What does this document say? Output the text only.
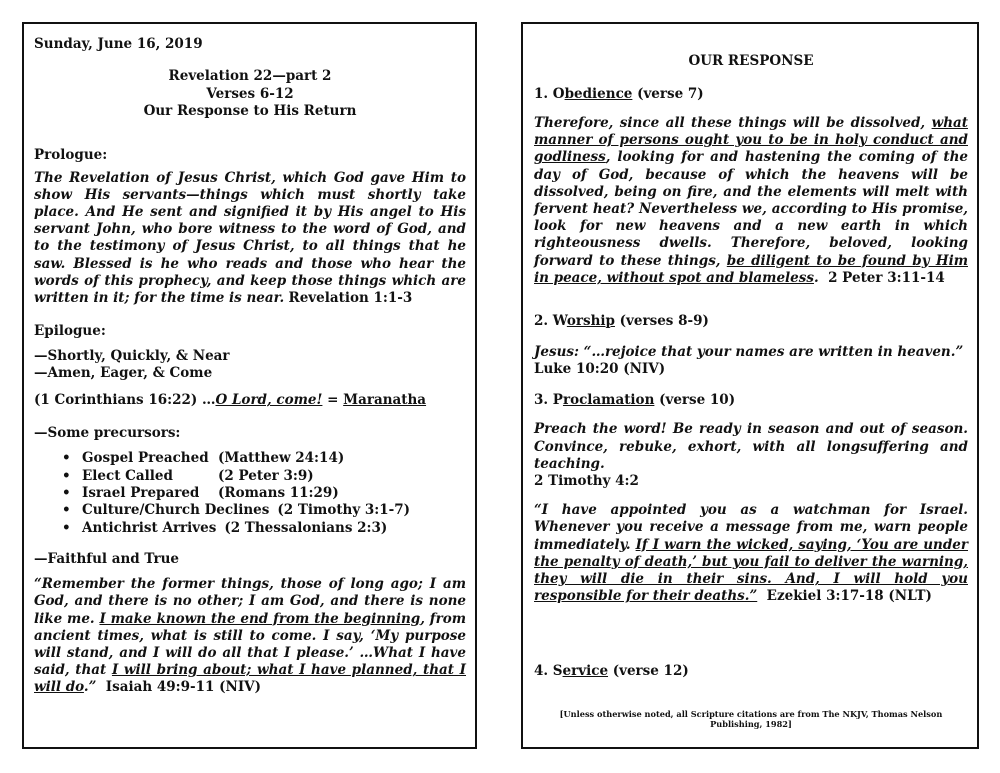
Sunday, June 16, 2019
Revelation 22—part 2
Verses 6-12
Our Response to His Return
Prologue:
The Revelation of Jesus Christ, which God gave Him to show His servants—things which must shortly take place. And He sent and signified it by His angel to His servant John, who bore witness to the word of God, and to the testimony of Jesus Christ, to all things that he saw. Blessed is he who reads and those who hear the words of this prophecy, and keep those things which are written in it; for the time is near. Revelation 1:1-3
Epilogue:
—Shortly, Quickly, & Near
—Amen, Eager, & Come
(1 Corinthians 16:22) …O Lord, come! = Maranatha
—Some precursors:
• Gospel Preached (Matthew 24:14)
• Elect Called	(2 Peter 3:9)
• Israel Prepared (Romans 11:29)
• Culture/Church Declines (2 Timothy 3:1-7)
• Antichrist Arrives (2 Thessalonians 2:3)
—Faithful and True
“Remember the former things, those of long ago; I am God, and there is no other; I am God, and there is none like me. I make known the end from the beginning, from ancient times, what is still to come. I say, ‘My purpose will stand, and I will do all that I please.’ …What I have said, that I will bring about; what I have planned, that I will do.” Isaiah 49:9-11 (NIV)
OUR RESPONSE
1. Obedience (verse 7)
Therefore, since all these things will be dissolved, what manner of persons ought you to be in holy conduct and godliness, looking for and hastening the coming of the day of God, because of which the heavens will be dissolved, being on fire, and the elements will melt with fervent heat? Nevertheless we, according to His promise, look for new heavens and a new earth in which righteousness dwells. Therefore, beloved, looking forward to these things, be diligent to be found by Him in peace, without spot and blameless. 2 Peter 3:11-14
2. Worship (verses 8-9)
Jesus: “…rejoice that your names are written in heaven.”
Luke 10:20 (NIV)
3. Proclamation (verse 10)
Preach the word! Be ready in season and out of season. Convince, rebuke, exhort, with all longsuffering and teaching.
2 Timothy 4:2
“I have appointed you as a watchman for Israel. Whenever you receive a message from me, warn people immediately. If I warn the wicked, saying, ‘You are under the penalty of death,’ but you fail to deliver the warning, they will die in their sins. And, I will hold you responsible for their deaths.” Ezekiel 3:17-18 (NLT)
4. Service (verse 12)
[Unless otherwise noted, all Scripture citations are from The NKJV, Thomas Nelson Publishing, 1982]
